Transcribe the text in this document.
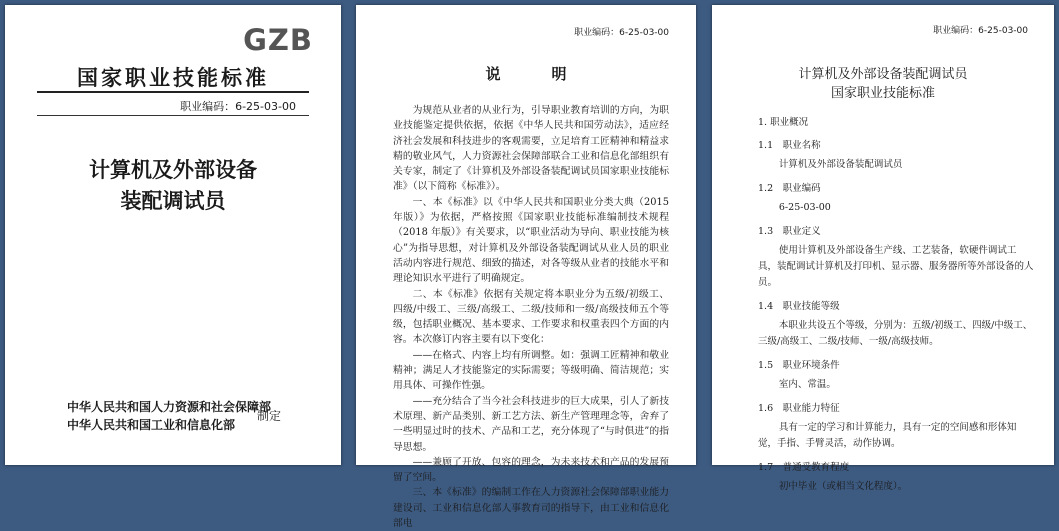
GZB
国家职业技能标准
职业编码：6-25-03-00
计算机及外部设备
装配调试员
中华人民共和国人力资源和社会保障部
中华人民共和国工业和信息化部
制定
职业编码：6-25-03-00
说　明

为规范从业者的从业行为，引导职业教育培训的方向，为职业技能鉴定提供依据，依据《中华人民共和国劳动法》，适应经济社会发展和科技进步的客观需要，立足培育工匠精神和精益求精的敬业风气，人力资源社会保障部联合工业和信息化部组织有关专家，制定了《计算机及外部设备装配调试员国家职业技能标准》（以下简称《标准》）。

一、本《标准》以《中华人民共和国职业分类大典（2015 年版）》为依据，严格按照《国家职业技能标准编制技术规程（2018 年版）》有关要求，以“职业活动为导向、职业技能为核心”为指导思想，对计算机及外部设备装配调试从业人员的职业活动内容进行规范、细致的描述，对各等级从业者的技能水平和理论知识水平进行了明确规定。

二、本《标准》依据有关规定将本职业分为五级/初级工、四级/中级工、三级/高级工、二级/技师和一级/高级技师五个等级，包括职业概况、基本要求、工作要求和权重表四个方面的内容。本次修订内容主要有以下变化：

——在格式、内容上均有所调整。如：强调工匠精神和敬业精神；满足人才技能鉴定的实际需要；等级明确、简洁规范；实用具体、可操作性强。

——充分结合了当今社会科技进步的巨大成果，引人了新技术原理、新产品类别、新工艺方法、新生产管理理念等，舍弃了一些明显过时的技术、产品和工艺，充分体现了“与时俱进”的指导思想。

——兼顾了开放、包容的理念，为未来技术和产品的发展预留了空间。

三、本《标准》的编制工作在人力资源社会保障部职业能力建设司、工业和信息化部人事教育司的指导下，由工业和信息化部电

职业编码：6-25-03-00
计算机及外部设备装配调试员
国家职业技能标准
1. 职业概况
1.1　 职业名称
计算机及外部设备装配调试员
1.2　 职业编码
6-25-03-00
1.3　 职业定义
使用计算机及外部设备生产线、工艺装备，软硬件调试工具，装配调试计算机及打印机、显示器、服务器所等外部设备的人员。
1.4　 职业技能等级
本职业共设五个等级，分别为：五级/初级工、四级/中级工、三级/高级工、二级/技师、一级/高级技师。
1.5　 职业环境条件
室内、常温。
1.6　 职业能力特征
具有一定的学习和计算能力，具有一定的空间感和形体知觉，手指、手臂灵活，动作协调。
1.7　 普通受教育程度
初中毕业（或相当文化程度）。
